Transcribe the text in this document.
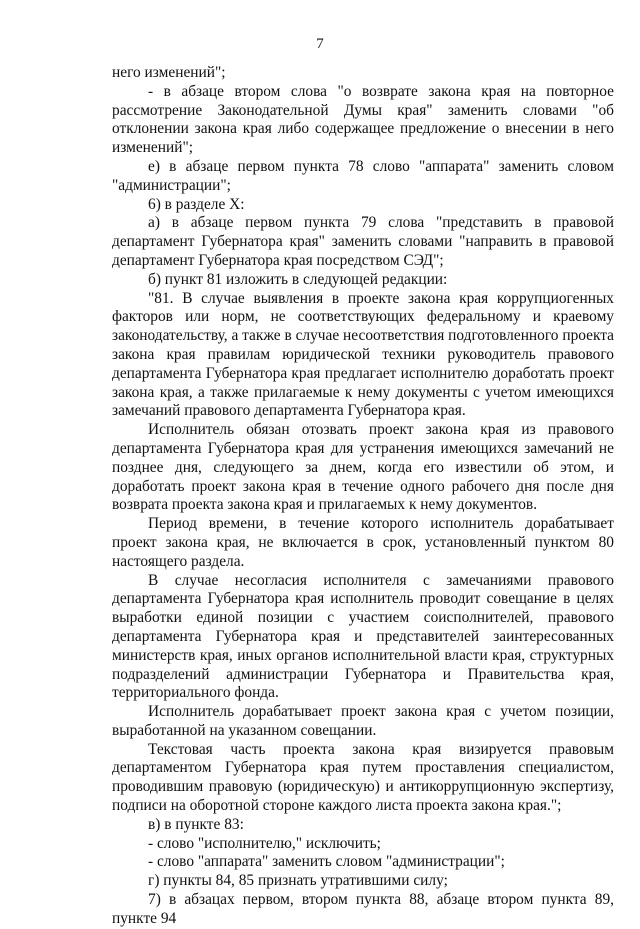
7

него изменений";

- в абзаце втором слова "о возврате закона края на повторное рассмотрение Законодательной Думы края" заменить словами "об отклонении закона края либо содержащее предложение о внесении в него изменений";

е) в абзаце первом пункта 78 слово "аппарата" заменить словом "администрации";

6) в разделе X:

а) в абзаце первом пункта 79 слова "представить в правовой департамент Губернатора края" заменить словами "направить в правовой департамент Губернатора края посредством СЭД";

б) пункт 81 изложить в следующей редакции:

"81. В случае выявления в проекте закона края коррупциогенных факторов или норм, не соответствующих федеральному и краевому законодательству, а также в случае несоответствия подготовленного проекта закона края правилам юридической техники руководитель правового департамента Губернатора края предлагает исполнителю доработать проект закона края, а также прилагаемые к нему документы с учетом имеющихся замечаний правового департамента Губернатора края.

Исполнитель обязан отозвать проект закона края из правового департамента Губернатора края для устранения имеющихся замечаний не позднее дня, следующего за днем, когда его известили об этом, и доработать проект закона края в течение одного рабочего дня после дня возврата проекта закона края и прилагаемых к нему документов.

Период времени, в течение которого исполнитель дорабатывает проект закона края, не включается в срок, установленный пунктом 80 настоящего раздела.

В случае несогласия исполнителя с замечаниями правового департамента Губернатора края исполнитель проводит совещание в целях выработки единой позиции с участием соисполнителей, правового департамента Губернатора края и представителей заинтересованных министерств края, иных органов исполнительной власти края, структурных подразделений администрации Губернатора и Правительства края, территориального фонда.

Исполнитель дорабатывает проект закона края с учетом позиции, выработанной на указанном совещании.

Текстовая часть проекта закона края визируется правовым департаментом Губернатора края путем проставления специалистом, проводившим правовую (юридическую) и антикоррупционную экспертизу, подписи на оборотной стороне каждого листа проекта закона края.";

в) в пункте 83:

- слово "исполнителю," исключить;

- слово "аппарата" заменить словом "администрации";

г) пункты 84, 85 признать утратившими силу;

7) в абзацах первом, втором пункта 88, абзаце втором пункта 89, пункте 94
